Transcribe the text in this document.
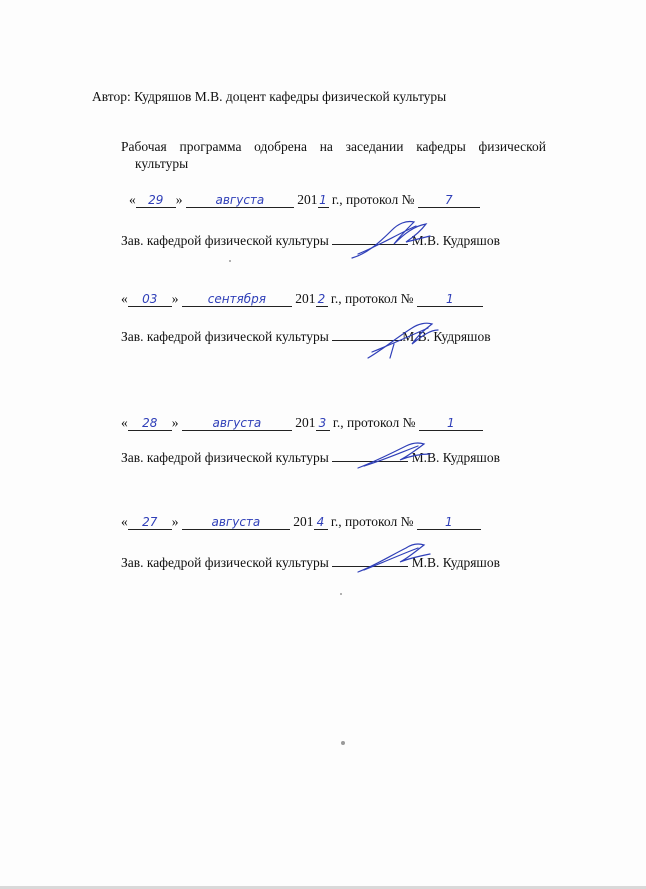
Автор: Кудряшов М.В. доцент кафедры физической культуры
Рабочая программа одобрена на заседании кафедры физической культуры
« 29 »	августа 201 1 г., протокол №	7
Зав. кафедрой физической культуры	М.В. Кудряшов
« 03 » сентября 201 2 г., протокол №	1
Зав. кафедрой физической культуры	М.В. Кудряшов
« 28 »	августа	201 3 г., протокол №	1
Зав. кафедрой физической культуры	М.В. Кудряшов
« 27 »	августа 201 4 г., протокол №	1
Зав. кафедрой физической культуры	М.В. Кудряшов
